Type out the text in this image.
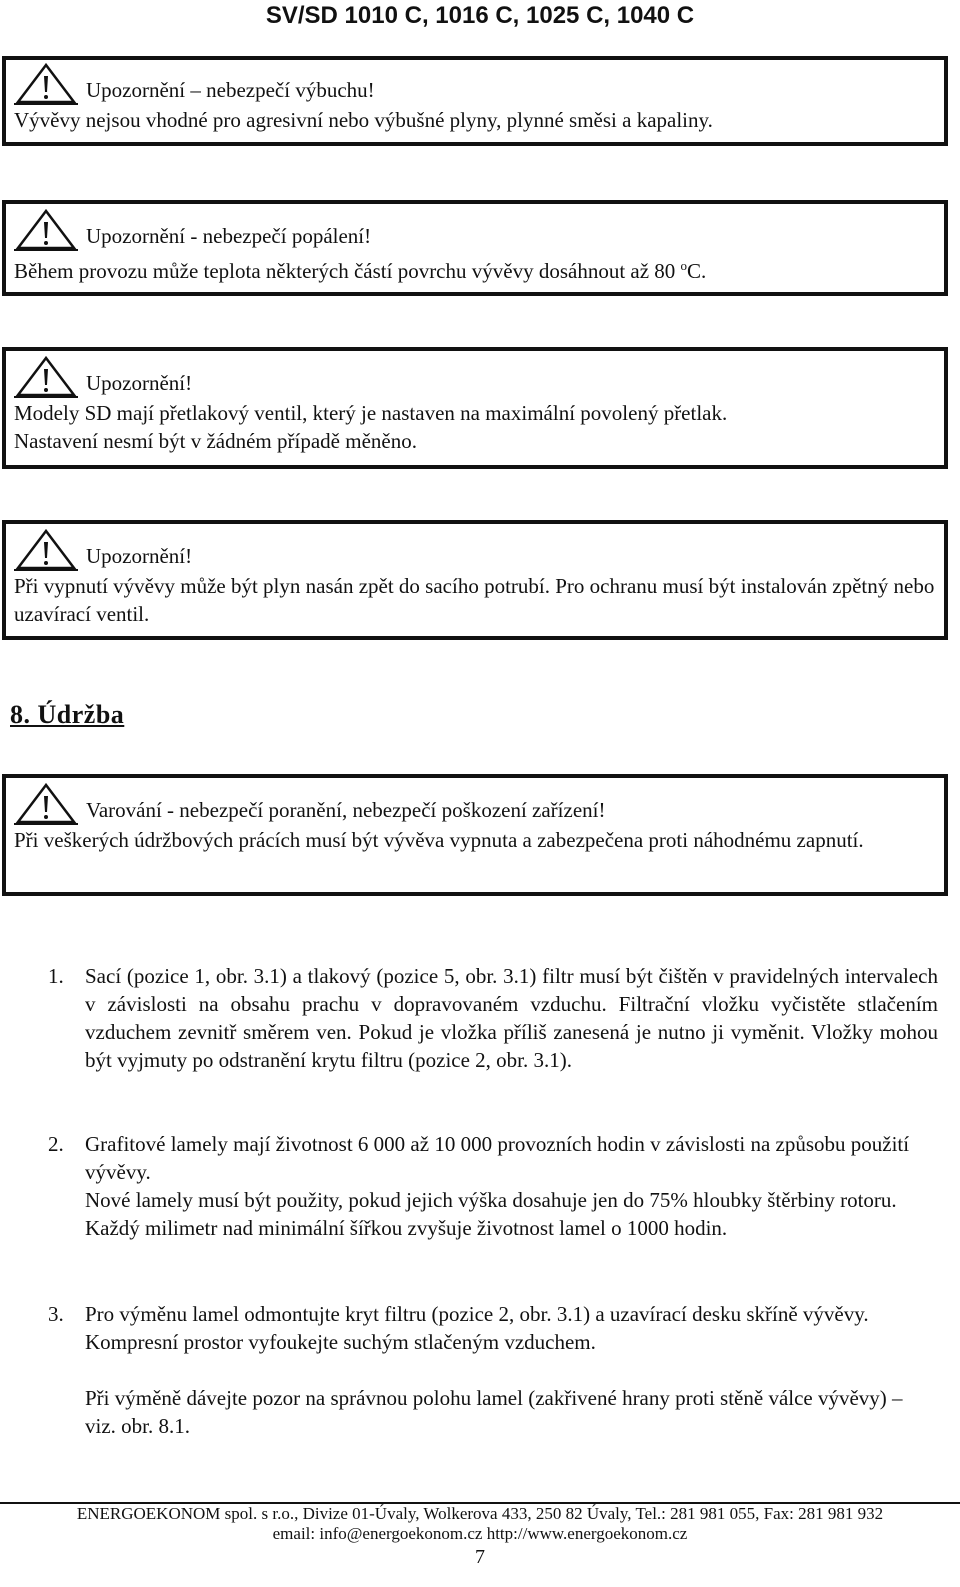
SV/SD 1010 C, 1016 C, 1025 C, 1040 C
Upozornění – nebezpečí výbuchu!
Vývěvy nejsou vhodné pro agresivní nebo výbušné plyny, plynné směsi a kapaliny.
Upozornění - nebezpečí popálení!
Během provozu může teplota některých částí povrchu vývěvy dosáhnout až 80 $^o$C.
Upozornění!
Modely SD mají přetlakový ventil, který je nastaven na maximální povolený přetlak.
Nastavení nesmí být v žádném případě měněno.
Upozornění!
Při vypnutí vývěvy může být plyn nasán zpět do sacího potrubí. Pro ochranu musí být instalován zpětný nebo uzavírací ventil.
8. Údržba
Varování - nebezpečí poranění, nebezpečí poškození zařízení!
Při veškerých údržbových prácích musí být vývěva vypnuta a zabezpečena proti náhodnému zapnutí.
1.	Sací (pozice 1, obr. 3.1) a tlakový (pozice 5, obr. 3.1) filtr musí být čištěn v pravidelných intervalech v závislosti na obsahu prachu v dopravovaném vzduchu. Filtrační vložku vyčistěte stlačením vzduchem zevnitř směrem ven. Pokud je vložka příliš zanesená je nutno ji vyměnit. Vložky mohou být vyjmuty po odstranění krytu filtru (pozice 2, obr. 3.1).
2.	Grafitové lamely mají životnost 6 000 až 10 000 provozních hodin v závislosti na způsobu použití vývěvy.
Nové lamely musí být použity, pokud jejich výška dosahuje jen do 75% hloubky štěrbiny rotoru. Každý milimetr nad minimální šířkou zvyšuje životnost lamel o 1000 hodin.
3.	Pro výměnu lamel odmontujte kryt filtru (pozice 2, obr. 3.1) a uzavírací desku skříně vývěvy. Kompresní prostor vyfoukejte suchým stlačeným vzduchem.
Při výměně dávejte pozor na správnou polohu lamel (zakřivené hrany proti stěně válce vývěvy) – viz. obr. 8.1.
ENERGOEKONOM spol. s r.o., Divize 01-Úvaly, Wolkerova 433, 250 82 Úvaly, Tel.: 281 981 055, Fax: 281 981 932
email: info@energoekonom.cz http://www.energoekonom.cz
7
